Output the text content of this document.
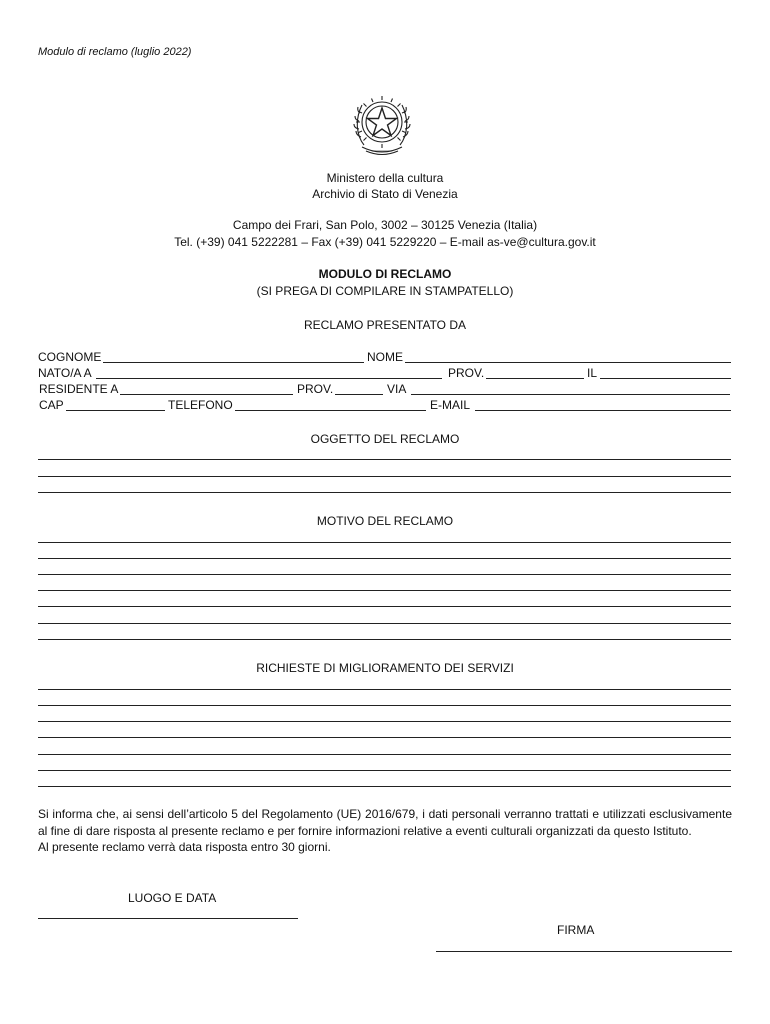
Modulo di reclamo (luglio 2022)
Ministero della cultura
Archivio di Stato di Venezia
Campo dei Frari, San Polo, 3002 – 30125 Venezia (Italia)
Tel. (+39) 041 5222281 – Fax (+39) 041 5229220 – E-mail as-ve@cultura.gov.it
MODULO DI RECLAMO
(SI PREGA DI COMPILARE IN STAMPATELLO)
RECLAMO PRESENTATO DA
COGNOME	NOME
NATO/A A	PROV.	IL
RESIDENTE A	PROV.	VIA
CAP	TELEFONO	E-MAIL
OGGETTO DEL RECLAMO
MOTIVO DEL RECLAMO
RICHIESTE DI MIGLIORAMENTO DEI SERVIZI

Si informa che, ai sensi dell’articolo 5 del Regolamento (UE) 2016/679, i dati personali verranno trattati e utilizzati esclusivamente al fine di dare risposta al presente reclamo e per fornire informazioni relative a eventi culturali organizzati da questo Istituto.

Al presente reclamo verrà data risposta entro 30 giorni.

LUOGO E DATA
FIRMA
